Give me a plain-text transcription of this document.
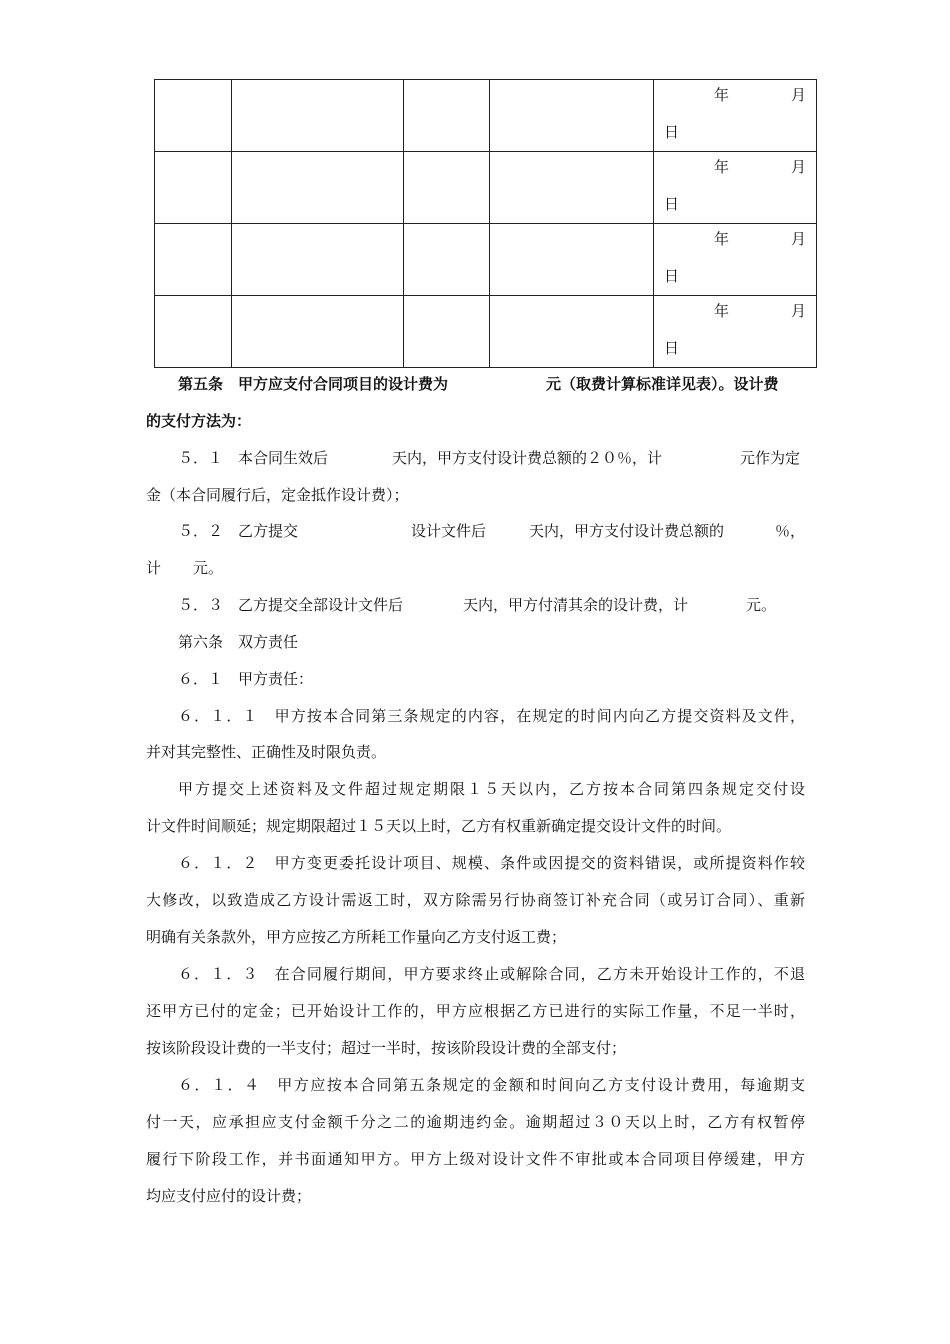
				年 月
日

				年 月
日

				年 月
日

				年 月
日
第五条　甲方应支付合同项目的设计费为	元（取费计算标准详见表）。设计费
的支付方法为：
５．１　本合同生效后	天内，甲方支付设计费总额的２０％，计	元作为定
金（本合同履行后，定金抵作设计费）；
５．２　乙方提交	设计文件后	天内，甲方支付设计费总额的	％，
计 元。
５．３　乙方提交全部设计文件后	天内，甲方付清其余的设计费，计	元。
第六条　双方责任
６．１　甲方责任：
６．１．１　甲方按本合同第三条规定的内容，在规定的时间内向乙方提交资料及文件，
并对其完整性、正确性及时限负责。
甲方提交上述资料及文件超过规定期限１５天以内，乙方按本合同第四条规定交付设
计文件时间顺延；规定期限超过１５天以上时，乙方有权重新确定提交设计文件的时间。
６．１．２　甲方变更委托设计项目、规模、条件或因提交的资料错误，或所提资料作较
大修改，以致造成乙方设计需返工时，双方除需另行协商签订补充合同（或另订合同）、重新
明确有关条款外，甲方应按乙方所耗工作量向乙方支付返工费；
６．１．３　在合同履行期间，甲方要求终止或解除合同，乙方未开始设计工作的，不退
还甲方已付的定金；已开始设计工作的，甲方应根据乙方已进行的实际工作量，不足一半时，
按该阶段设计费的一半支付；超过一半时，按该阶段设计费的全部支付；
６．１．４　甲方应按本合同第五条规定的金额和时间向乙方支付设计费用，每逾期支
付一天，应承担应支付金额千分之二的逾期违约金。逾期超过３０天以上时，乙方有权暂停
履行下阶段工作，并书面通知甲方。甲方上级对设计文件不审批或本合同项目停缓建，甲方
均应支付应付的设计费；
